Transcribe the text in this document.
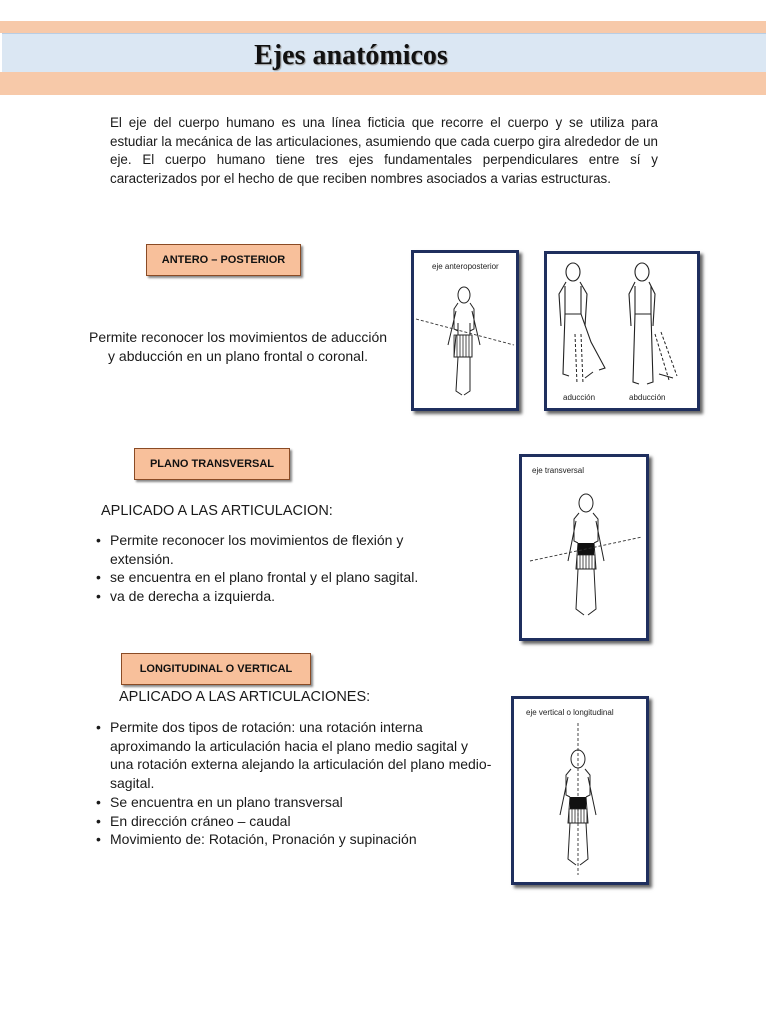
Ejes anatómicos
El eje del cuerpo humano es una línea ficticia que recorre el cuerpo y se utiliza para estudiar la mecánica de las articulaciones, asumiendo que cada cuerpo gira alrededor de un eje. El cuerpo humano tiene tres ejes fundamentales perpendiculares entre sí y caracterizados por el hecho de que reciben nombres asociados a varias estructuras.
ANTERO – POSTERIOR
Permite reconocer los movimientos de aducción y abducción en un plano frontal o coronal.
eje anteroposterior
aducción	abducción
PLANO TRANSVERSAL
APLICADO A LAS ARTICULACION:
• Permite reconocer los movimientos de flexión y extensión.
• se encuentra en el plano frontal y el plano sagital.
• va de derecha a izquierda.
eje transversal
LONGITUDINAL O VERTICAL
APLICADO A LAS ARTICULACIONES:
• Permite dos tipos de rotación: una rotación interna aproximando la articulación hacia el plano medio sagital y una rotación externa alejando la articulación del plano medio-sagital.
• Se encuentra en un plano transversal
• En dirección cráneo – caudal
• Movimiento de: Rotación, Pronación y supinación
eje vertical o longitudinal
